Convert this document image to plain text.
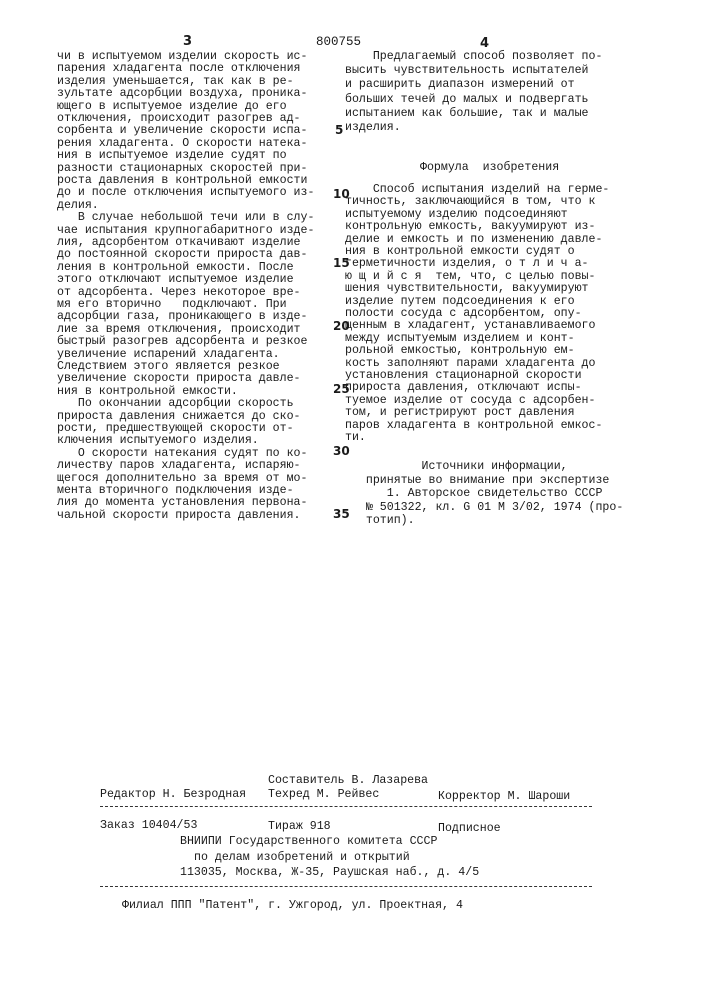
3	800755	4
чи в испытуемом изделии скорость ис-
парения хладагента после отключения
изделия уменьшается, так как в ре-
зультате адсорбции воздуха, проника-
ющего в испытуемое изделие до его
отключения, происходит разогрев ад-
сорбента и увеличение скорости испа-
рения хладагента. О скорости натека-
ния в испытуемое изделие судят по
разности стационарных скоростей при-
роста давления в контрольной емкости
до и после отключения испытуемого из-
делия.
В случае небольшой течи или в слу-
чае испытания крупногабаритного изде-
лия, адсорбентом откачивают изделие
до постоянной скорости прироста дав-
ления в контрольной емкости. После
этого отключают испытуемое изделие
от адсорбента. Через некоторое вре-
мя его вторично   подключают. При
адсорбции газа, проникающего в изде-
лие за время отключения, происходит
быстрый разогрев адсорбента и резкое
увеличение испарений хладагента.
Следствием этого является резкое
увеличение скорости прироста давле-
ния в контрольной емкости.
По окончании адсорбции скорость
прироста давления снижается до ско-
рости, предшествующей скорости от-
ключения испытуемого изделия.
О скорости натекания судят по ко-
личеству паров хладагента, испаряю-
щегося дополнительно за время от мо-
мента вторичного подключения изде-
лия до момента установления первона-
чальной скорости прироста давления.
Предлагаемый способ позволяет по-
высить чувствительность испытателей
и расширить диапазон измерений от
больших течей до малых и подвергать
испытанием как большие, так и малые
изделия.
Формула  изобретения
Способ испытания изделий на герме-
тичность, заключающийся в том, что к
испытуемому изделию подсоединяют
контрольную емкость, вакуумируют из-
делие и емкость и по изменению давле-
ния в контрольной емкости судят о
герметичности изделия, о т л и ч а-
ю щ и й с я  тем, что, с целью повы-
шения чувствительности, вакуумируют
изделие путем подсоединения к его
полости сосуда с адсорбентом, опу-
щенным в хладагент, устанавливаемого
между испытуемым изделием и конт-
рольной емкостью, контрольную ем-
кость заполняют парами хладагента до
установления стационарной скорости
прироста давления, отключают испы-
туемое изделие от сосуда с адсорбен-
том, и регистрируют рост давления
паров хладагента в контрольной емкос-
ти.
Источники информации,
принятые во внимание при экспертизе
1. Авторское свидетельство СССР
№ 501322, кл. G 01 M 3/02, 1974 (про-
тотип).
5
10
15
20
25
30
35
Составитель В. Лазарева
Редактор Н. Безродная Техред М. Рейвес	Корректор М. Шароши
Заказ 10404/53	Тираж 918	Подписное
ВНИИПИ Государственного комитета СССР
по делам изобретений и открытий
113035, Москва, Ж-35, Раушская наб., д. 4/5
Филиал ППП "Патент", г. Ужгород, ул. Проектная, 4
